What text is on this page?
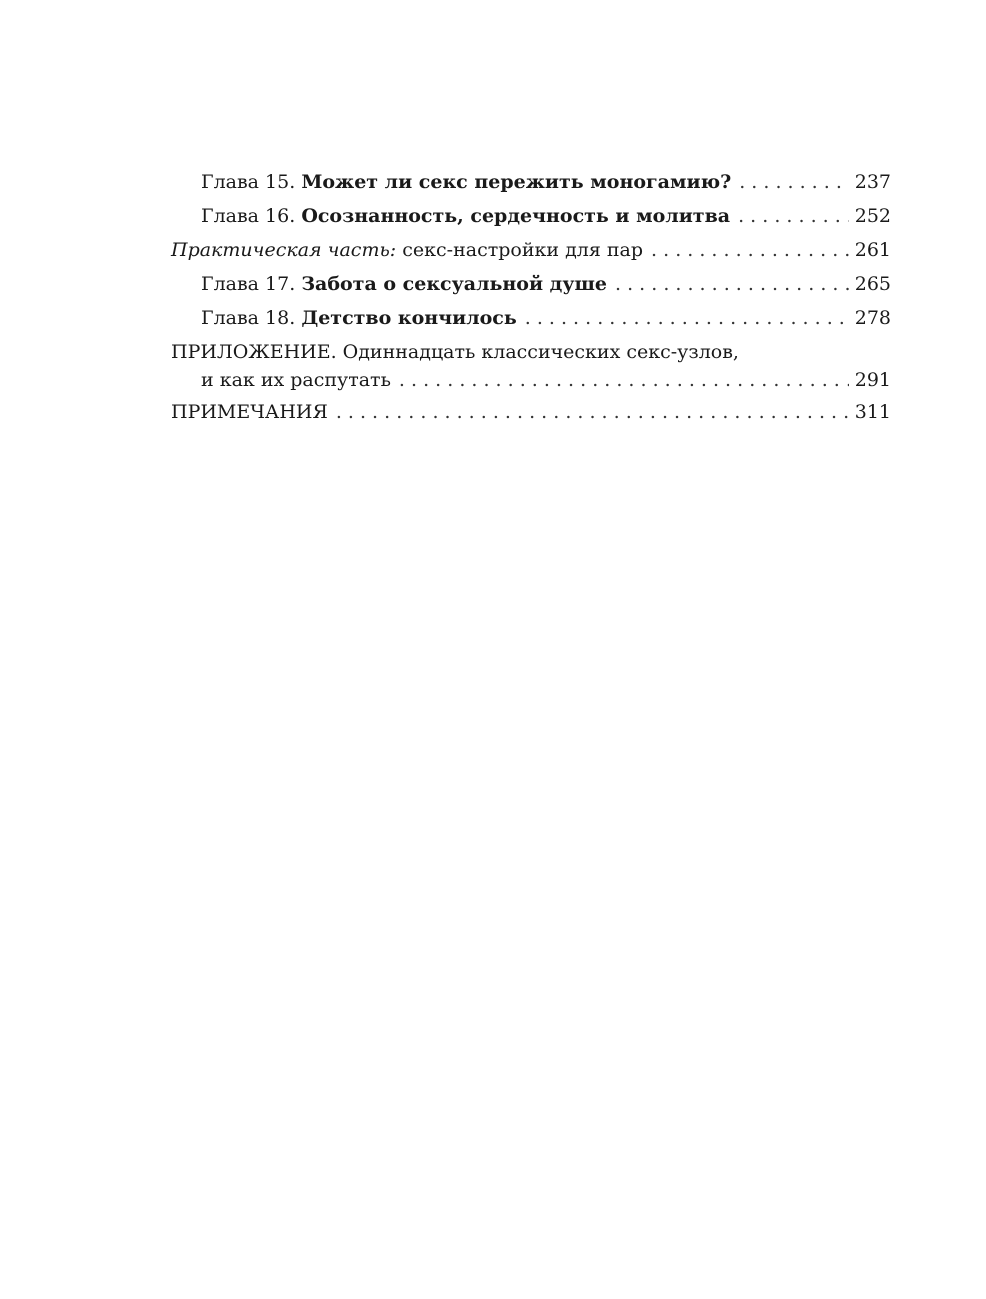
Глава 15. Может ли секс пережить моногамию? . . .	237
Глава 16. Осознанность, сердечность и молитва . . .	252
Практическая часть: секс-настройки для пар . . .	261
Глава 17. Забота о сексуальной душе . . .	265
Глава 18. Детство кончилось . . .	278
ПРИЛОЖЕНИЕ. Одиннадцать классических секс-узлов,
и как их распутать . . .	291
ПРИМЕЧАНИЯ . . .	311
